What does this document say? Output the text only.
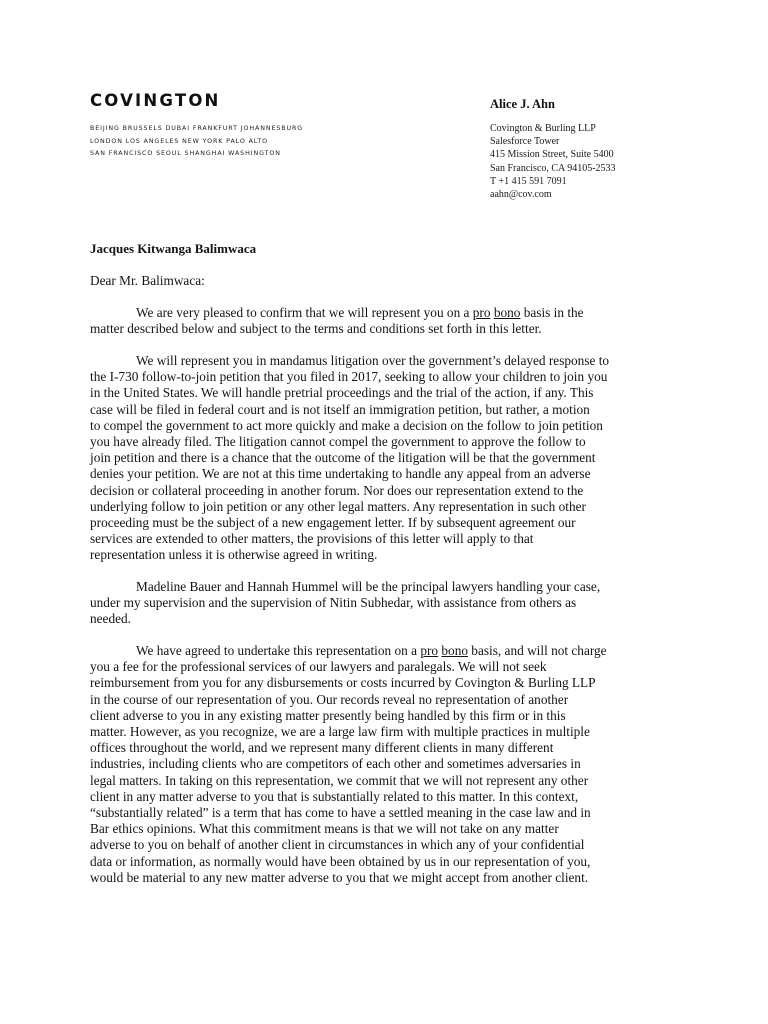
COVINGTON
BEIJING BRUSSELS DUBAI FRANKFURT JOHANNESBURG
LONDON LOS ANGELES NEW YORK PALO ALTO
SAN FRANCISCO SEOUL SHANGHAI WASHINGTON
Alice J. Ahn
Covington & Burling LLP
Salesforce Tower
415 Mission Street, Suite 5400
San Francisco, CA 94105-2533
T +1 415 591 7091
aahn@cov.com
Jacques Kitwanga Balimwaca
Dear Mr. Balimwaca:
We are very pleased to confirm that we will represent you on a pro bono basis in the
matter described below and subject to the terms and conditions set forth in this letter.
We will represent you in mandamus litigation over the government’s delayed response to
the I-730 follow-to-join petition that you filed in 2017, seeking to allow your children to join you
in the United States. We will handle pretrial proceedings and the trial of the action, if any. This
case will be filed in federal court and is not itself an immigration petition, but rather, a motion
to compel the government to act more quickly and make a decision on the follow to join petition
you have already filed. The litigation cannot compel the government to approve the follow to
join petition and there is a chance that the outcome of the litigation will be that the government
denies your petition. We are not at this time undertaking to handle any appeal from an adverse
decision or collateral proceeding in another forum. Nor does our representation extend to the
underlying follow to join petition or any other legal matters. Any representation in such other
proceeding must be the subject of a new engagement letter. If by subsequent agreement our
services are extended to other matters, the provisions of this letter will apply to that
representation unless it is otherwise agreed in writing.
Madeline Bauer and Hannah Hummel will be the principal lawyers handling your case,
under my supervision and the supervision of Nitin Subhedar, with assistance from others as
needed.
We have agreed to undertake this representation on a pro bono basis, and will not charge
you a fee for the professional services of our lawyers and paralegals. We will not seek
reimbursement from you for any disbursements or costs incurred by Covington & Burling LLP
in the course of our representation of you. Our records reveal no representation of another
client adverse to you in any existing matter presently being handled by this firm or in this
matter. However, as you recognize, we are a large law firm with multiple practices in multiple
offices throughout the world, and we represent many different clients in many different
industries, including clients who are competitors of each other and sometimes adversaries in
legal matters. In taking on this representation, we commit that we will not represent any other
client in any matter adverse to you that is substantially related to this matter. In this context,
“substantially related” is a term that has come to have a settled meaning in the case law and in
Bar ethics opinions. What this commitment means is that we will not take on any matter
adverse to you on behalf of another client in circumstances in which any of your confidential
data or information, as normally would have been obtained by us in our representation of you,
would be material to any new matter adverse to you that we might accept from another client.
